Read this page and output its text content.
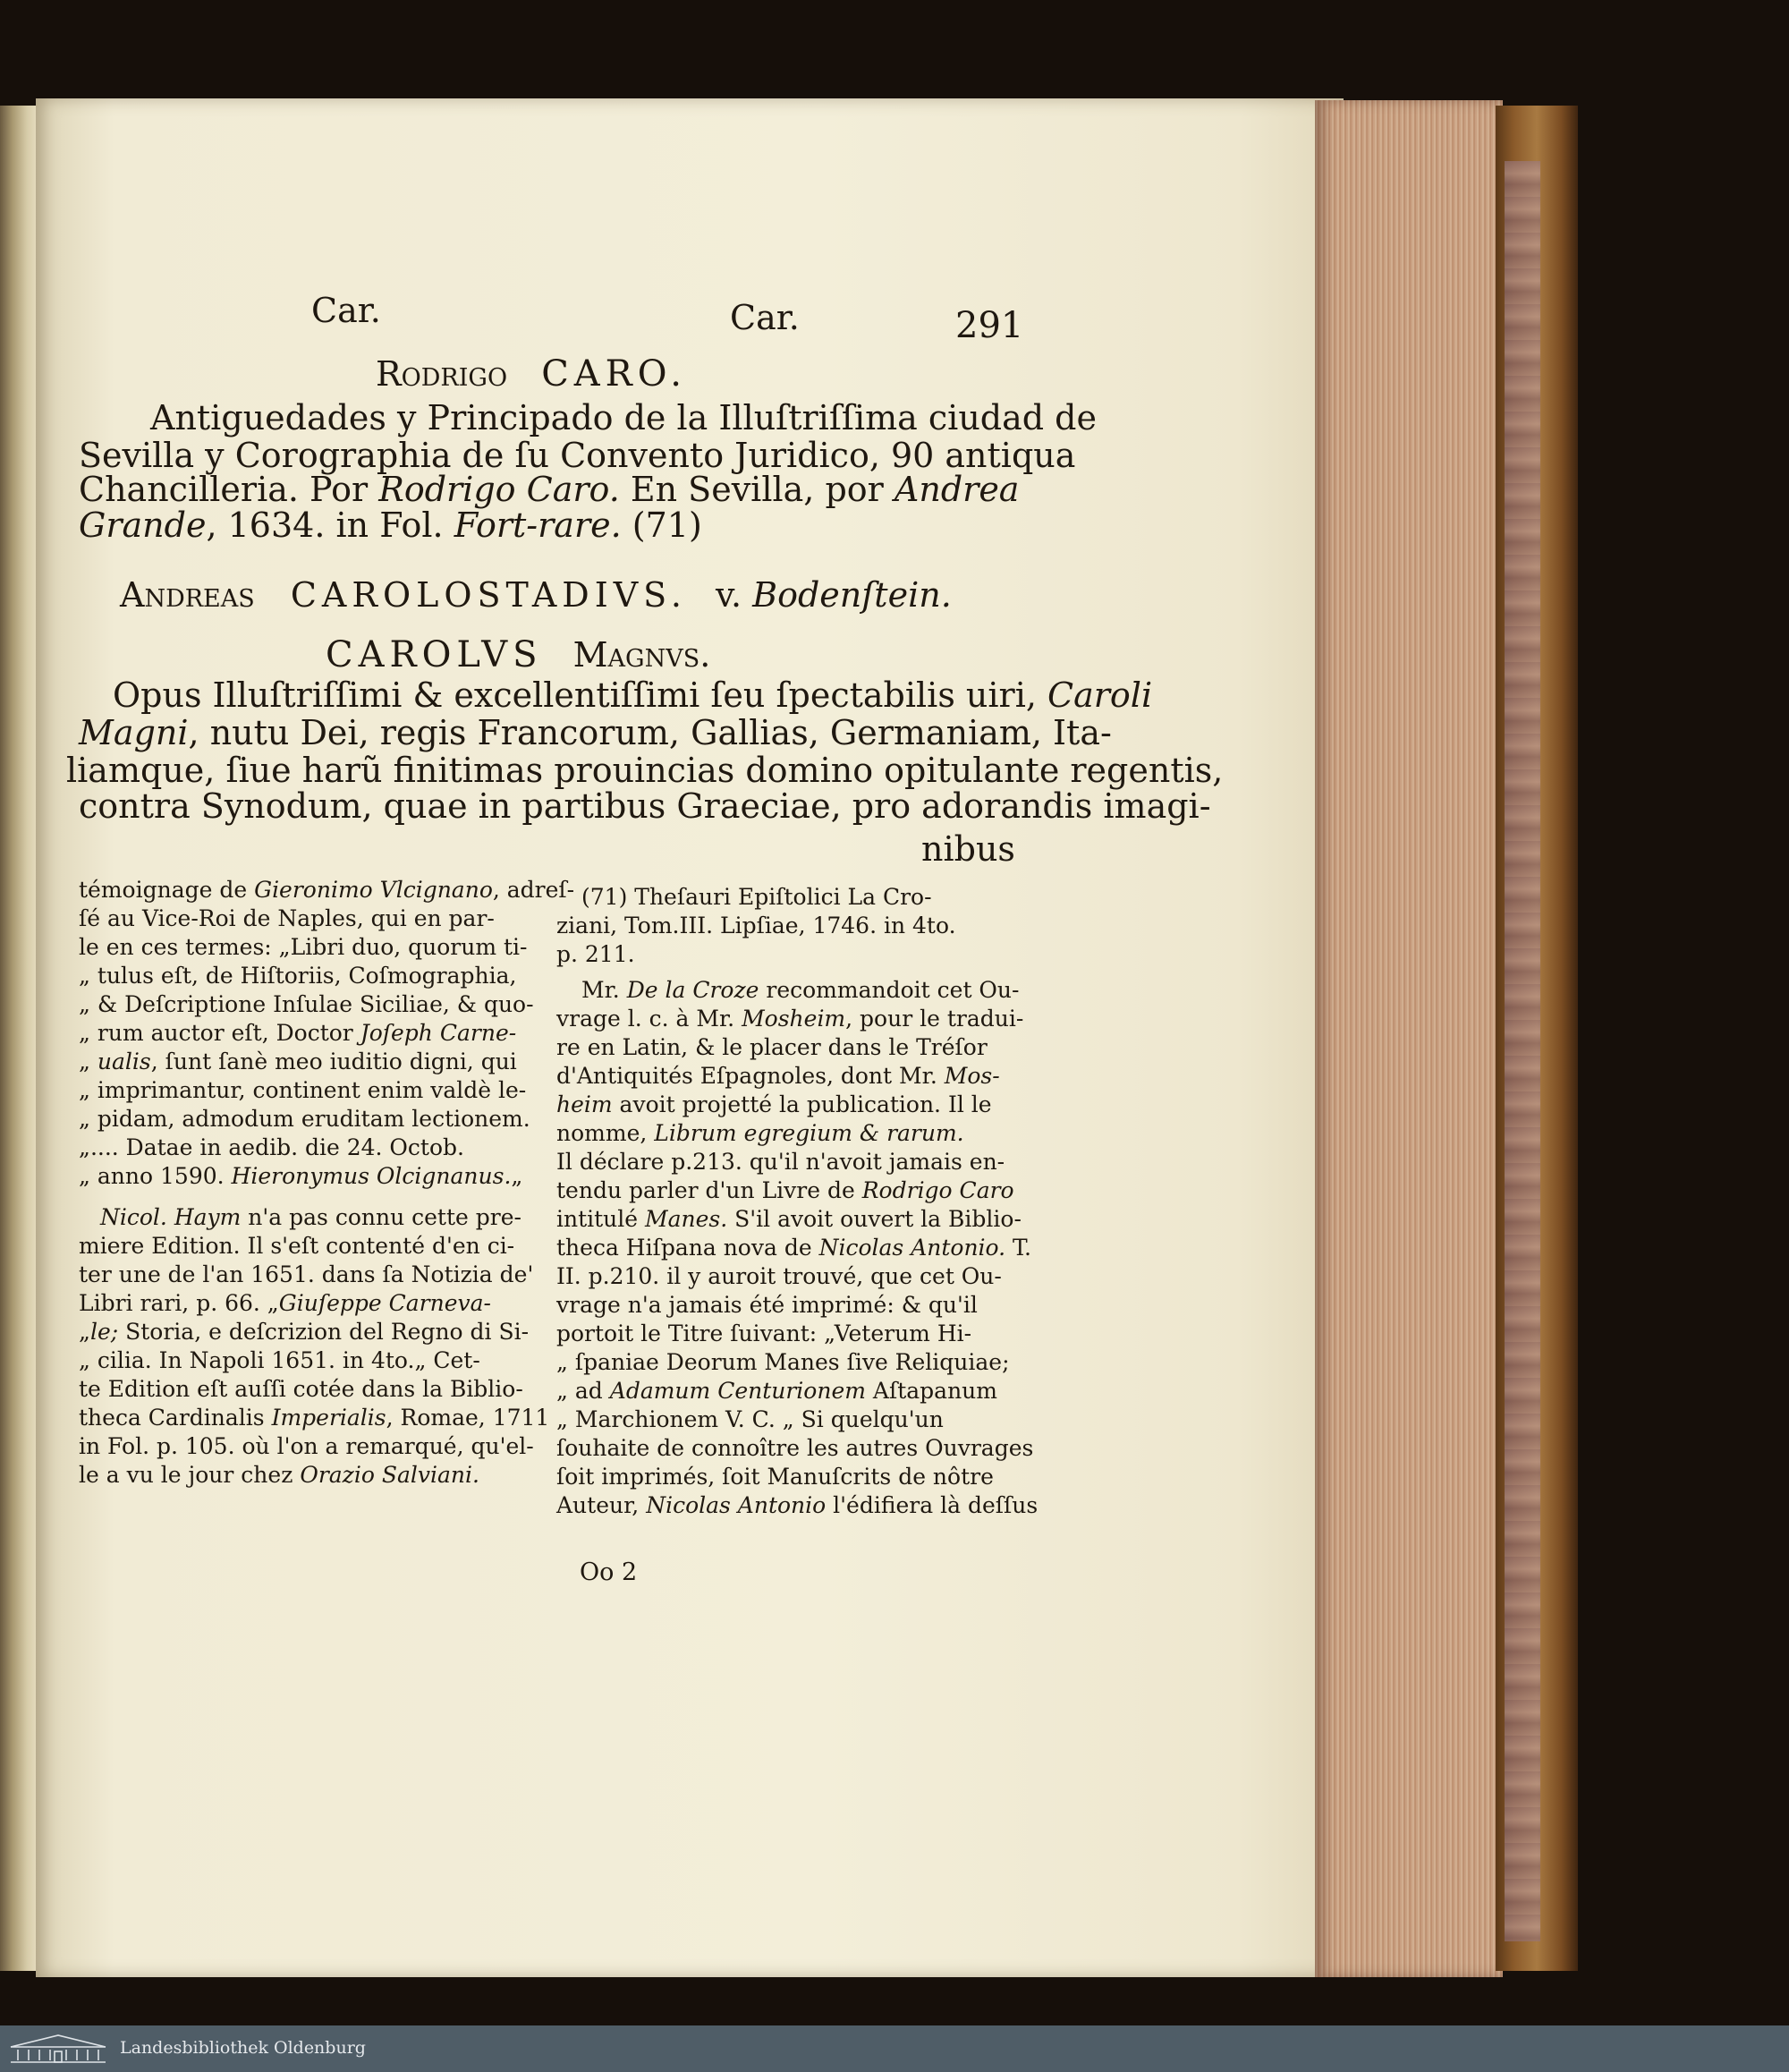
Car.	Car.	291
Rodrigo CARO.
Antiguedades y Principado de la Illuſtriſſima ciudad de
Sevilla y Corographia de ſu Convento Juridico, 90 antiqua
Chancilleria. Por Rodrigo Caro. En Sevilla, por Andrea
Grande, 1634. in Fol. Fort-rare. (71)
Andreas CAROLOSTADIVS. v. Bodenſtein.
CAROLVS Magnvs.
Opus Illuſtriſſimi & excellentiſſimi ſeu ſpectabilis uiri, Caroli
Magni, nutu Dei, regis Francorum, Gallias, Germaniam, Ita-
liamque, ſiue harũ finitimas prouincias domino opitulante regentis,
contra Synodum, quae in partibus Graeciae, pro adorandis imagi-
nibus
témoignage de Gieronimo Vlcignano, adreſ-
ſé au Vice-Roi de Naples, qui en par-
le en ces termes: „Libri duo, quorum ti-
„ tulus eſt, de Hiſtoriis, Coſmographia,
„ & Deſcriptione Inſulae Siciliae, & quo-
„ rum auctor eſt, Doctor Joſeph Carne-
„ ualis, ſunt ſanè meo iuditio digni, qui
„ imprimantur, continent enim valdè le-
„ pidam, admodum eruditam lectionem.
„.... Datae in aedib. die 24. Octob.
„ anno 1590. Hieronymus Olcignanus.„
Nicol. Haym n'a pas connu cette pre-
miere Edition. Il s'eſt contenté d'en ci-
ter une de l'an 1651. dans ſa Notizia de'
Libri rari, p. 66. „Giuſeppe Carneva-
„le; Storia, e deſcrizion del Regno di Si-
„ cilia. In Napoli 1651. in 4to.„ Cet-
te Edition eſt auſſi cotée dans la Biblio-
theca Cardinalis Imperialis, Romae, 1711
in Fol. p. 105. où l'on a remarqué, qu'el-
le a vu le jour chez Orazio Salviani.
(71) Theſauri Epiſtolici La Cro-
ziani, Tom.III. Lipſiae, 1746. in 4to.
p. 211.
Mr. De la Croze recommandoit cet Ou-
vrage l. c. à Mr. Mosheim, pour le tradui-
re en Latin, & le placer dans le Tréſor
d'Antiquités Eſpagnoles, dont Mr. Mos-
heim avoit projetté la publication. Il le
nomme, Librum egregium & rarum.
Il déclare p.213. qu'il n'avoit jamais en-
tendu parler d'un Livre de Rodrigo Caro
intitulé Manes. S'il avoit ouvert la Biblio-
theca Hiſpana nova de Nicolas Antonio. T.
II. p.210. il y auroit trouvé, que cet Ou-
vrage n'a jamais été imprimé: & qu'il
portoit le Titre ſuivant: „Veterum Hi-
„ ſpaniae Deorum Manes ſive Reliquiae;
„ ad Adamum Centurionem Aſtapanum
„ Marchionem V. C. „ Si quelqu'un
ſouhaite de connoître les autres Ouvrages
ſoit imprimés, ſoit Manuſcrits de nôtre
Auteur, Nicolas Antonio l'édifiera là deſſus
Oo 2
Landesbibliothek Oldenburg
